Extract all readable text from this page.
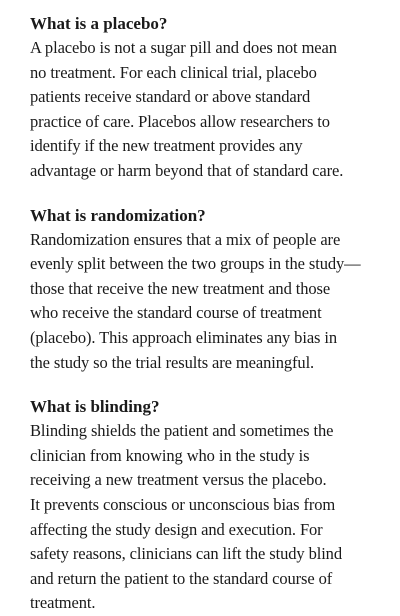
What is a placebo?
A placebo is not a sugar pill and does not mean
no treatment. For each clinical trial, placebo
patients receive standard or above standard
practice of care. Placebos allow researchers to
identify if the new treatment provides any
advantage or harm beyond that of standard care.
What is randomization?
Randomization ensures that a mix of people are
evenly split between the two groups in the study—
those that receive the new treatment and those
who receive the standard course of treatment
(placebo). This approach eliminates any bias in
the study so the trial results are meaningful.
What is blinding?
Blinding shields the patient and sometimes the
clinician from knowing who in the study is
receiving a new treatment versus the placebo.
It prevents conscious or unconscious bias from
affecting the study design and execution. For
safety reasons, clinicians can lift the study blind
and return the patient to the standard course of
treatment.
